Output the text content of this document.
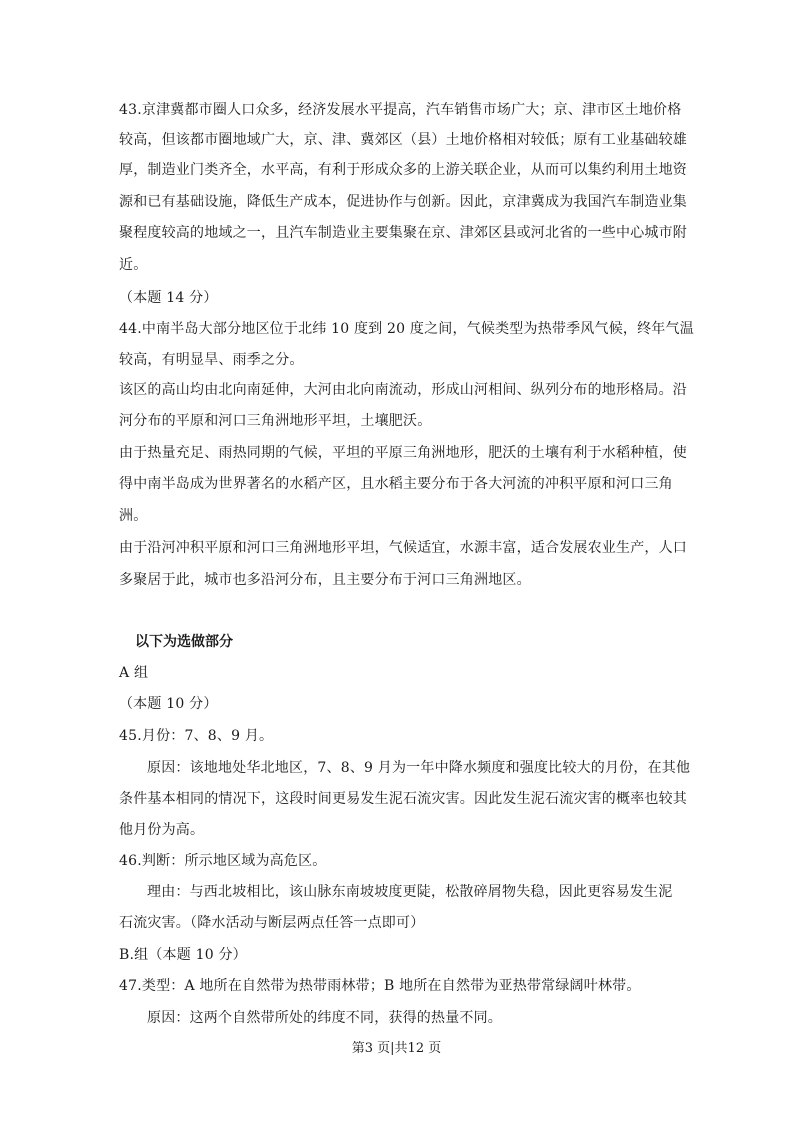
43.京津冀都市圈人口众多，经济发展水平提高，汽车销售市场广大；京、津市区土地价格
较高，但该都市圈地域广大，京、津、冀郊区（县）土地价格相对较低；原有工业基础较雄
厚，制造业门类齐全，水平高，有利于形成众多的上游关联企业，从而可以集约利用土地资
源和已有基础设施，降低生产成本，促进协作与创新。因此，京津冀成为我国汽车制造业集
聚程度较高的地域之一，且汽车制造业主要集聚在京、津郊区县或河北省的一些中心城市附
近。
（本题 14 分）
44.中南半岛大部分地区位于北纬 10 度到 20 度之间，气候类型为热带季风气候，终年气温
较高，有明显旱、雨季之分。
该区的高山均由北向南延伸，大河由北向南流动，形成山河相间、纵列分布的地形格局。沿
河分布的平原和河口三角洲地形平坦，土壤肥沃。
由于热量充足、雨热同期的气候，平坦的平原三角洲地形，肥沃的土壤有利于水稻种植，使
得中南半岛成为世界著名的水稻产区，且水稻主要分布于各大河流的冲积平原和河口三角
洲。
由于沿河冲积平原和河口三角洲地形平坦，气候适宜，水源丰富，适合发展农业生产，人口
多聚居于此，城市也多沿河分布，且主要分布于河口三角洲地区。
以下为选做部分
A 组
（本题 10 分）
45.月份：7、8、9 月。
原因：该地地处华北地区，7、8、9 月为一年中降水频度和强度比较大的月份，在其他
条件基本相同的情况下，这段时间更易发生泥石流灾害。因此发生泥石流灾害的概率也较其
他月份为高。
46.判断：所示地区域为高危区。
理由：与西北坡相比，该山脉东南坡坡度更陡，松散碎屑物失稳，因此更容易发生泥
石流灾害。（降水活动与断层两点任答一点即可）
B.组（本题 10 分）
47.类型：A 地所在自然带为热带雨林带；B 地所在自然带为亚热带常绿阔叶林带。
原因：这两个自然带所处的纬度不同，获得的热量不同。
第3 页|共12 页
